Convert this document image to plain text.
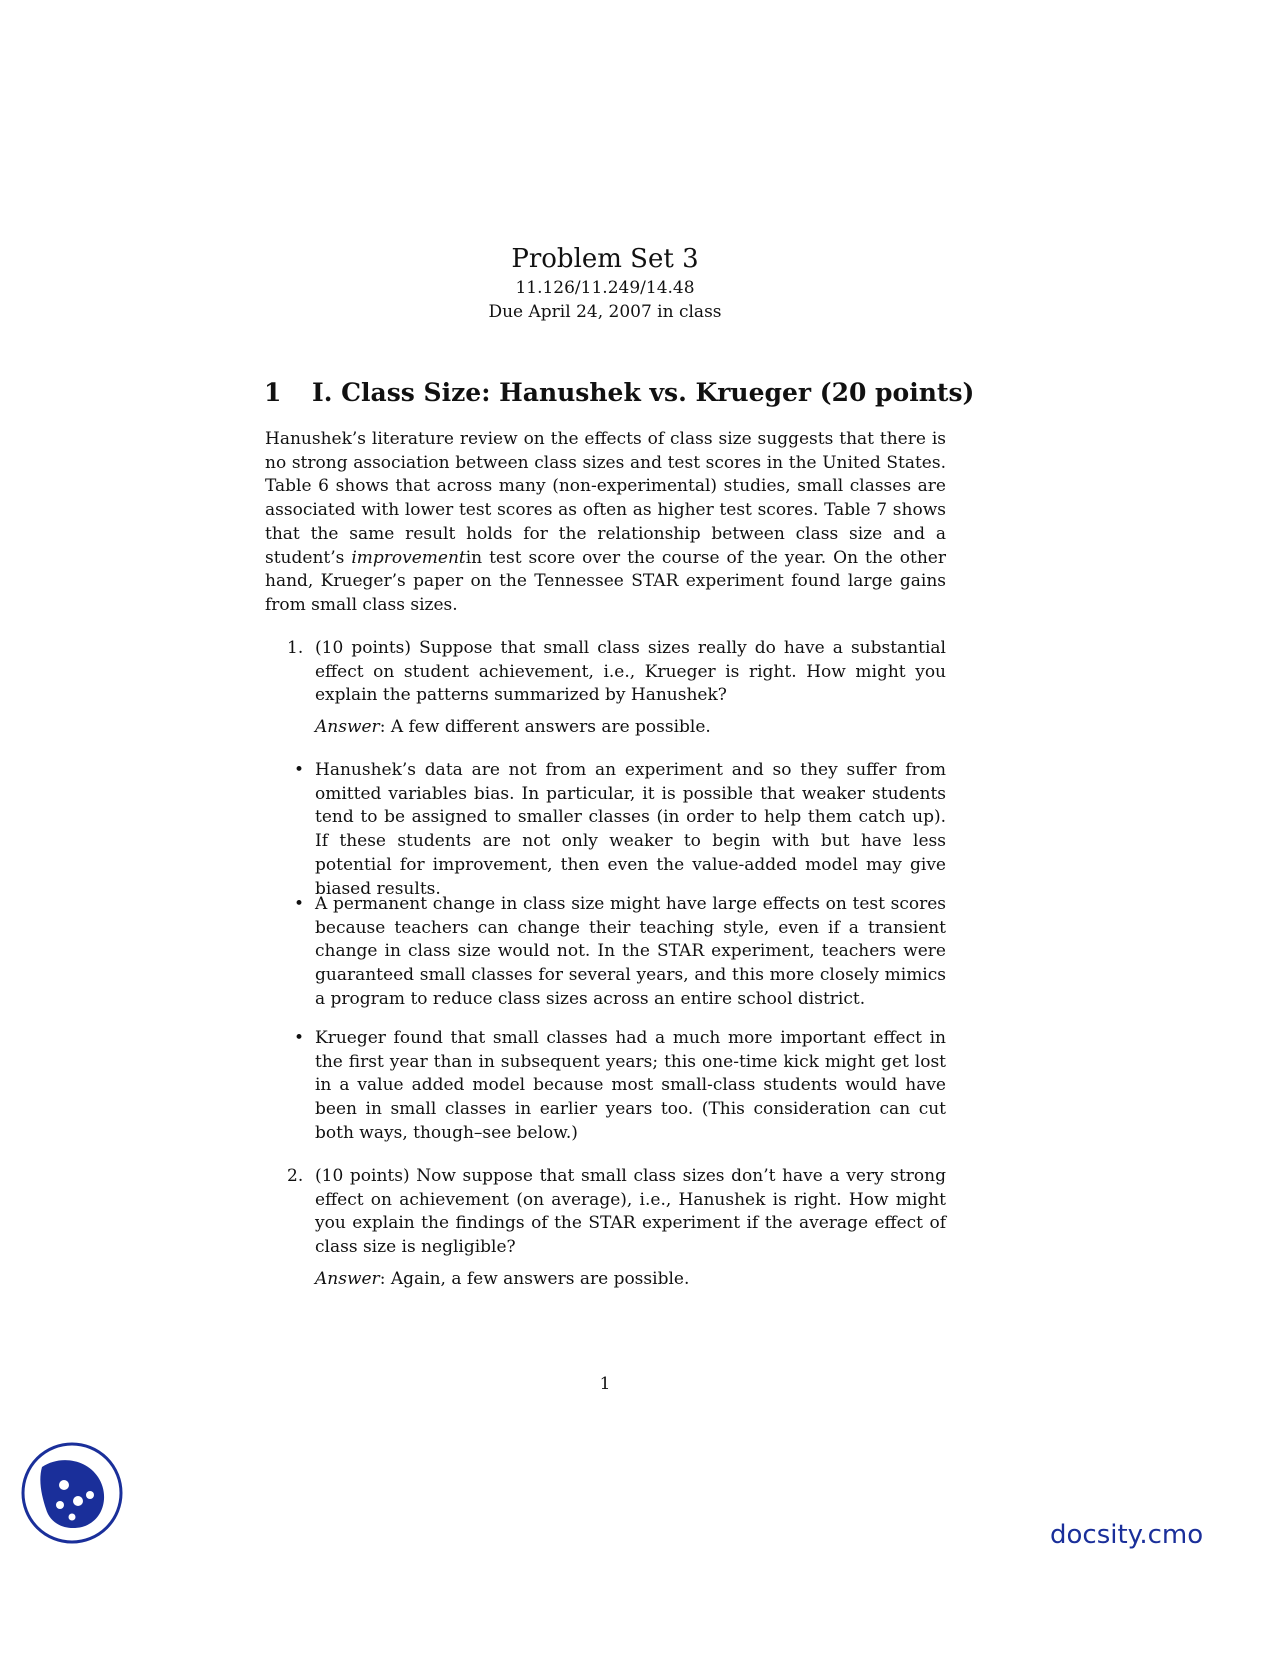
Problem Set 3
11.126/11.249/14.48
Due April 24, 2007 in class
1 I. Class Size: Hanushek vs. Krueger (20 points)
Hanushek’s literature review on the effects of class size suggests that there is no strong association between class sizes and test scores in the United States. Table 6 shows that across many (non-experimental) studies, small classes are associated with lower test scores as often as higher test scores. Table 7 shows that the same result holds for the relationship between class size and a student’s improvementin test score over the course of the year. On the other hand, Krueger’s paper on the Tennessee STAR experiment found large gains from small class sizes.
1. (10 points) Suppose that small class sizes really do have a substantial effect on student achievement, i.e., Krueger is right. How might you explain the patterns summarized by Hanushek?
Answer: A few different answers are possible.
• Hanushek’s data are not from an experiment and so they suffer from omitted variables bias. In particular, it is possible that weaker students tend to be assigned to smaller classes (in order to help them catch up). If these students are not only weaker to begin with but have less potential for improvement, then even the value-added model may give biased results.
• A permanent change in class size might have large effects on test scores because teachers can change their teaching style, even if a transient change in class size would not. In the STAR experiment, teachers were guaranteed small classes for several years, and this more closely mimics a program to reduce class sizes across an entire school district.
• Krueger found that small classes had a much more important effect in the first year than in subsequent years; this one-time kick might get lost in a value added model because most small-class students would have been in small classes in earlier years too. (This consideration can cut both ways, though–see below.)
2. (10 points) Now suppose that small class sizes don’t have a very strong effect on achievement (on average), i.e., Hanushek is right. How might you explain the findings of the STAR experiment if the average effect of class size is negligible?
Answer: Again, a few answers are possible.
1
docsity.cmo
